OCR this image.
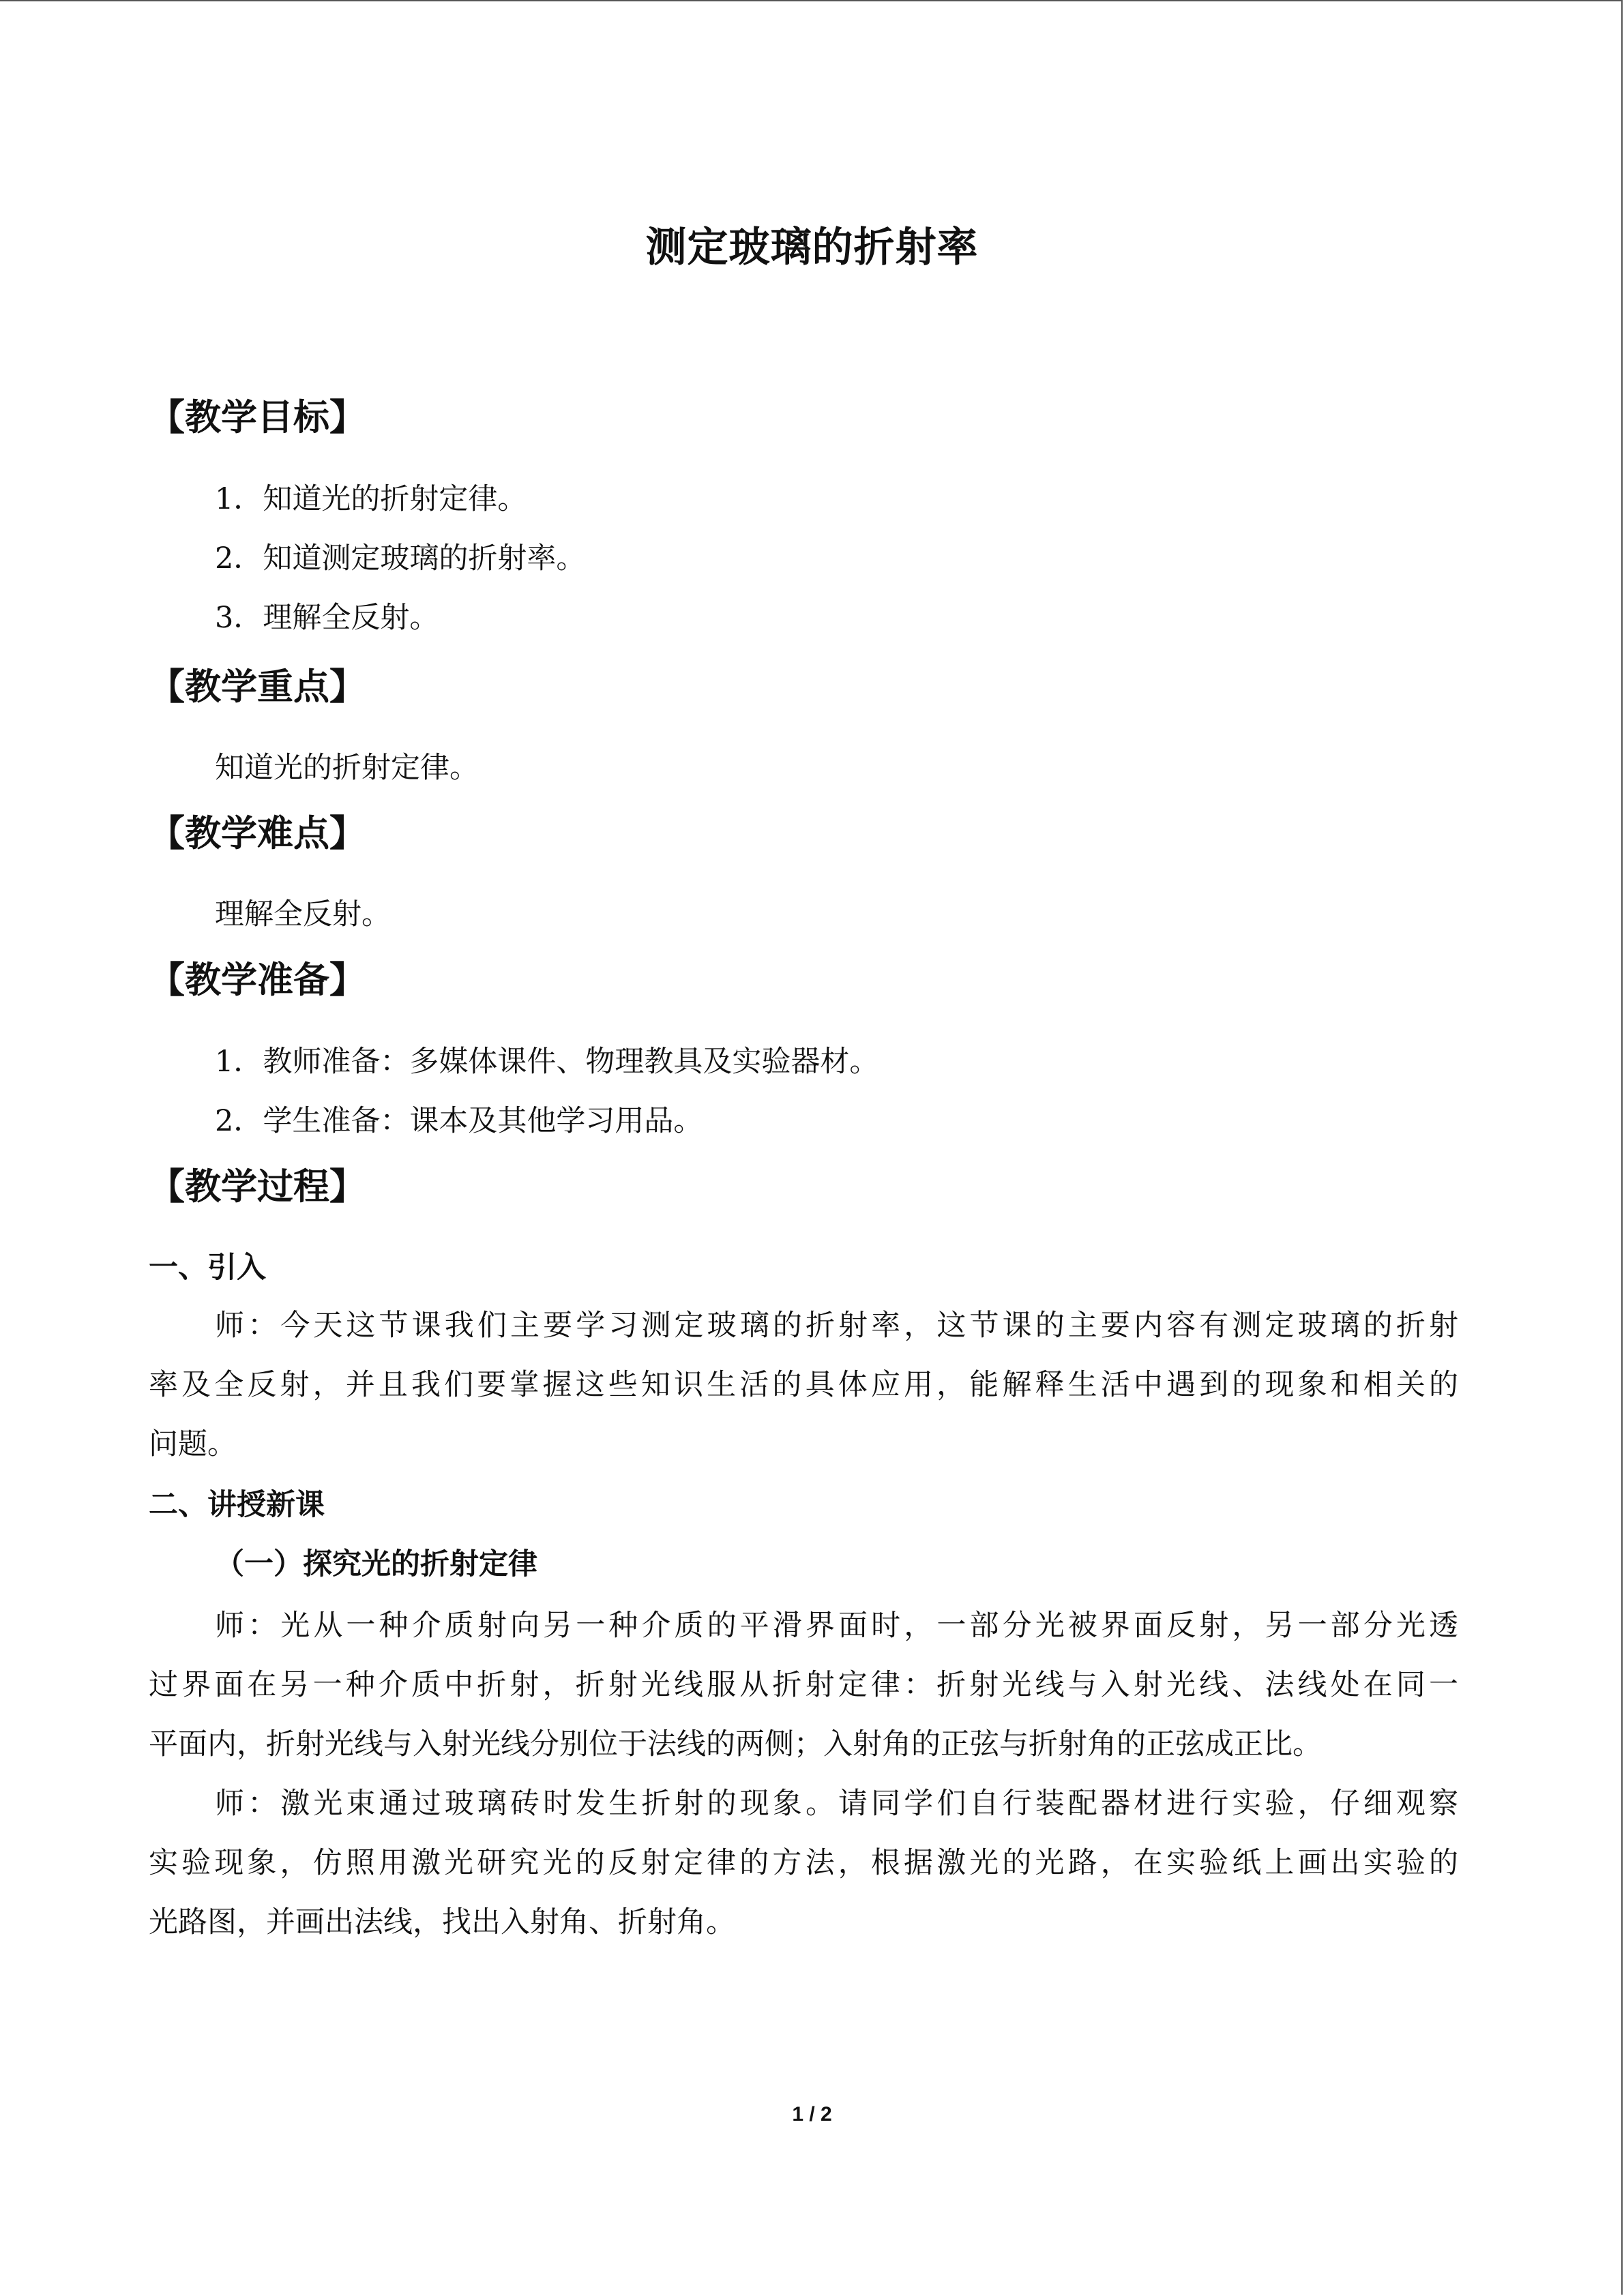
测定玻璃的折射率
【教学目标】
1．知道光的折射定律。
2．知道测定玻璃的折射率。
3．理解全反射。
【教学重点】
知道光的折射定律。
【教学难点】
理解全反射。
【教学准备】
1．教师准备：多媒体课件、物理教具及实验器材。
2．学生准备：课本及其他学习用品。
【教学过程】
一、引入
师：今天这节课我们主要学习测定玻璃的折射率，这节课的主要内容有测定玻璃的折射
率及全反射，并且我们要掌握这些知识生活的具体应用，能解释生活中遇到的现象和相关的
问题。
二、讲授新课
（一）探究光的折射定律
师：光从一种介质射向另一种介质的平滑界面时，一部分光被界面反射，另一部分光透
过界面在另一种介质中折射，折射光线服从折射定律：折射光线与入射光线、法线处在同一
平面内，折射光线与入射光线分别位于法线的两侧；入射角的正弦与折射角的正弦成正比。
师：激光束通过玻璃砖时发生折射的现象。请同学们自行装配器材进行实验，仔细观察
实验现象，仿照用激光研究光的反射定律的方法，根据激光的光路，在实验纸上画出实验的
光路图，并画出法线，找出入射角、折射角。
1 / 2
